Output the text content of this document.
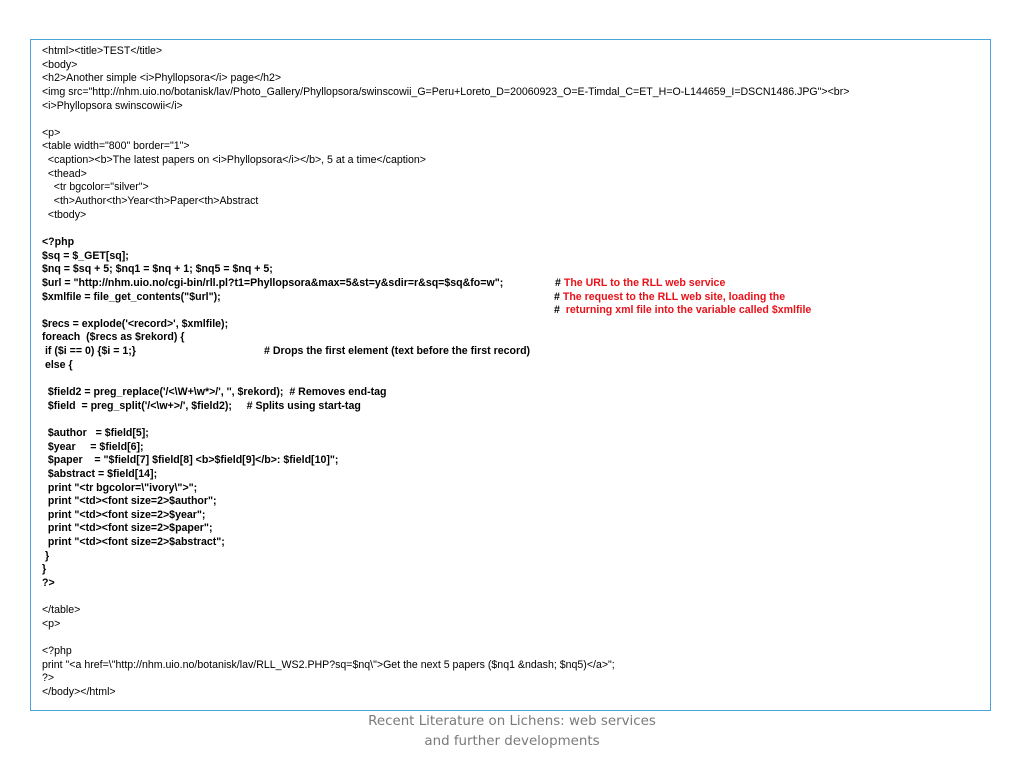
<html><title>TEST</title>
<body>
<h2>Another simple <i>Phyllopsora</i> page</h2>
<img src="http://nhm.uio.no/botanisk/lav/Photo_Gallery/Phyllopsora/swinscowii_G=Peru+Loreto_D=20060923_O=E-Timdal_C=ET_H=O-L144659_I=DSCN1486.JPG"><br>
<i>Phyllopsora swinscowii</i>
<p>
<table width="800" border="1">
<caption><b>The latest papers on <i>Phyllopsora</i></b>, 5 at a time</caption>
<thead>
<tr bgcolor="silver">
<th>Author<th>Year<th>Paper<th>Abstract
<tbody>
<?php
$sq = $_GET[sq];
$nq = $sq + 5; $nq1 = $nq + 1; $nq5 = $nq + 5;
$url = "http://nhm.uio.no/cgi-bin/rll.pl?t1=Phyllopsora&max=5&st=y&sdir=r&sq=$sq&fo=w";	# The URL to the RLL web service
$xmlfile = file_get_contents("$url");	# The request to the RLL web site, loading the
#  returning xml file into the variable called $xmlfile
$recs = explode('<record>', $xmlfile);
foreach  ($recs as $rekord) {
if ($i == 0) {$i = 1;}	# Drops the first element (text before the first record)
else {
$field2 = preg_replace('/<\W+\w*>/', '', $rekord);  # Removes end-tag
$field  = preg_split('/<\w+>/', $field2);     # Splits using start-tag
$author   = $field[5];
$year     = $field[6];
$paper    = "$field[7] $field[8] <b>$field[9]</b>: $field[10]";
$abstract = $field[14];
print "<tr bgcolor=\"ivory\">";
print "<td><font size=2>$author";
print "<td><font size=2>$year";
print "<td><font size=2>$paper";
print "<td><font size=2>$abstract";
}
}
?>
</table>
<p>
<?php
print "<a href=\"http://nhm.uio.no/botanisk/lav/RLL_WS2.PHP?sq=$nq\">Get the next 5 papers ($nq1 &ndash; $nq5)</a>";
?>
</body></html>
Recent Literature on Lichens: web services
and further developments
